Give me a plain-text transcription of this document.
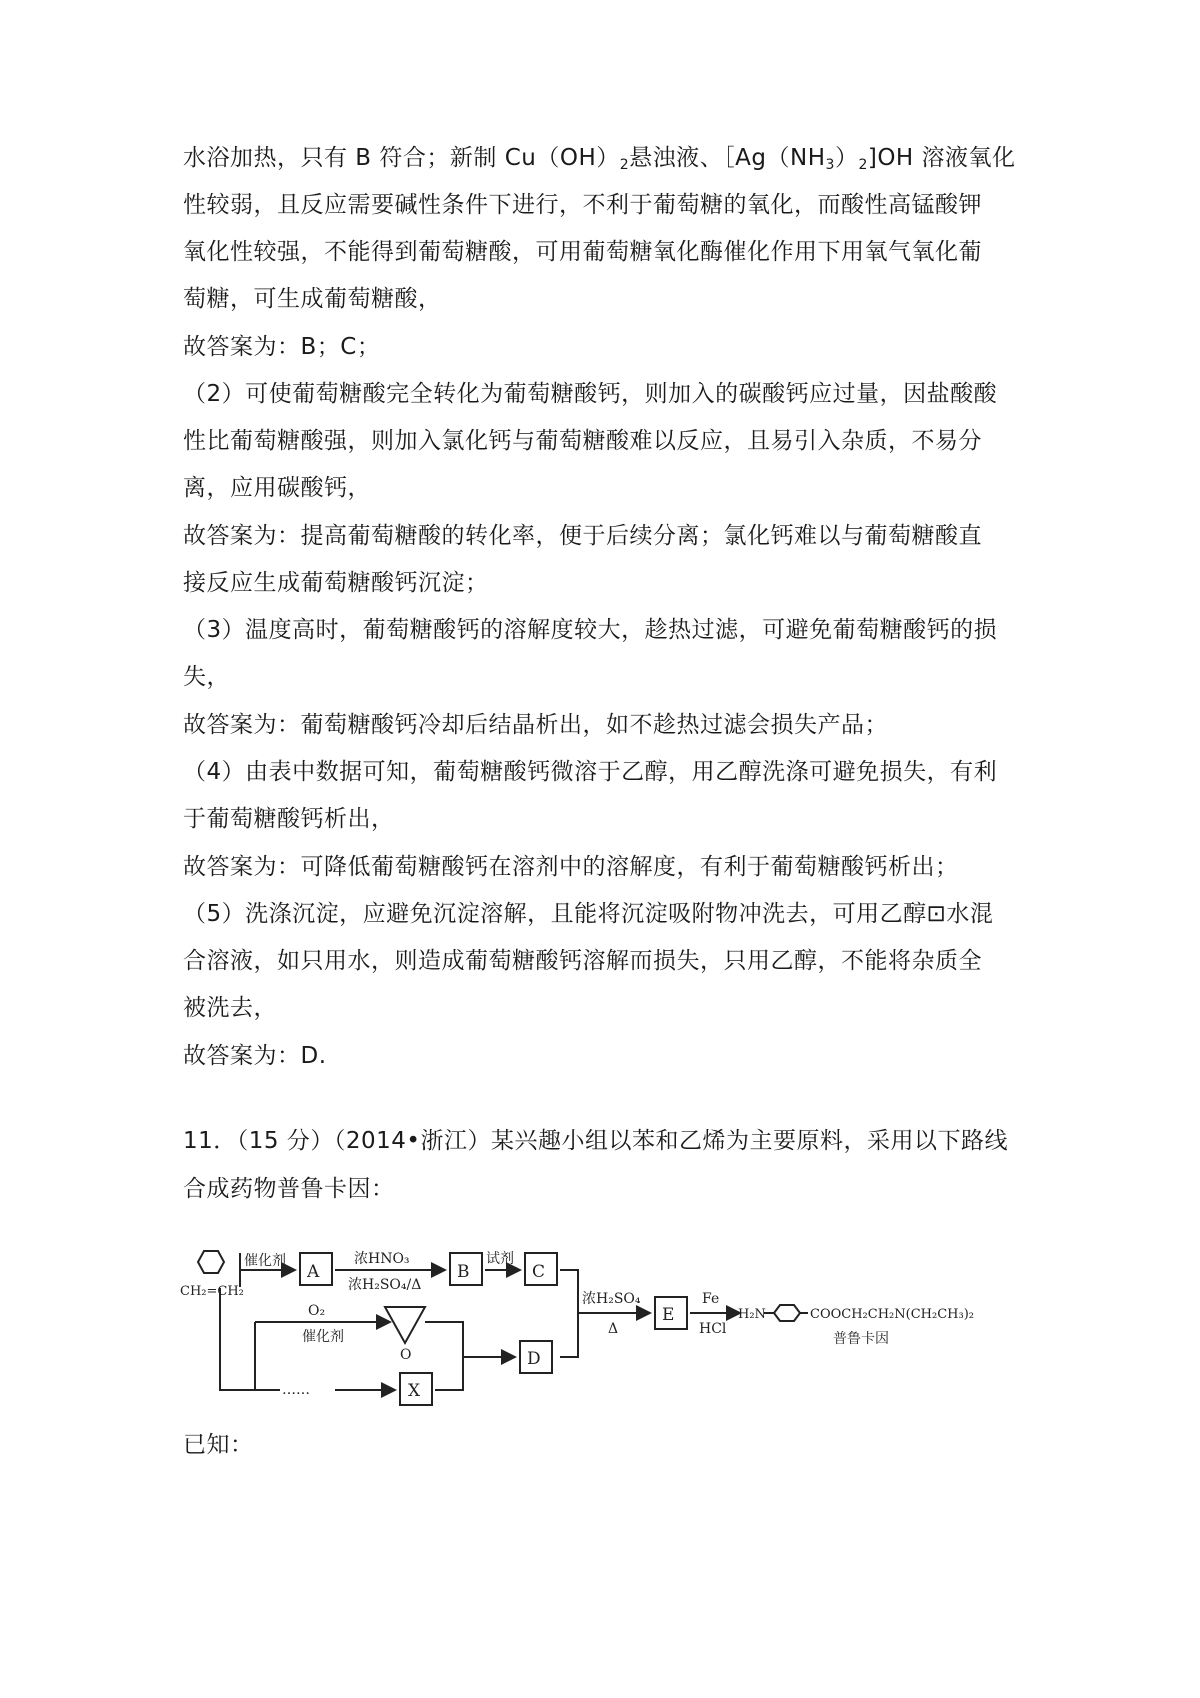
水浴加热，只有 B 符合；新制 $Cu(OH)_2$悬浊液、$[Ag(NH_3)_2]OH$ 溶液氧化

性较弱，且反应需要碱性条件下进行，不利于葡萄糖的氧化，而酸性高锰酸钾

氧化性较强，不能得到葡萄糖酸，可用葡萄糖氧化酶催化作用下用氧气氧化葡

萄糖，可生成葡萄糖酸，

故答案为：B；C；

（2）可使葡萄糖酸完全转化为葡萄糖酸钙，则加入的碳酸钙应过量，因盐酸酸

性比葡萄糖酸强，则加入氯化钙与葡萄糖酸难以反应，且易引入杂质，不易分

离，应用碳酸钙，

故答案为：提高葡萄糖酸的转化率，便于后续分离；氯化钙难以与葡萄糖酸直

接反应生成葡萄糖酸钙沉淀；

（3）温度高时，葡萄糖酸钙的溶解度较大，趁热过滤，可避免葡萄糖酸钙的损

失，

故答案为：葡萄糖酸钙冷却后结晶析出，如不趁热过滤会损失产品；

（4）由表中数据可知，葡萄糖酸钙微溶于乙醇，用乙醇洗涤可避免损失，有利

于葡萄糖酸钙析出，

故答案为：可降低葡萄糖酸钙在溶剂中的溶解度，有利于葡萄糖酸钙析出；

（5）洗涤沉淀，应避免沉淀溶解，且能将沉淀吸附物冲洗去，可用乙醇⊡水混

合溶液，如只用水，则造成葡萄糖酸钙溶解而损失，只用乙醇，不能将杂质全

被洗去，

故答案为：D.

11．（15 分）（2014•浙江）某兴趣小组以苯和乙烯为主要原料，采用以下路线

合成药物普鲁卡因：

催化剂
CH₂=CH₂
A
浓HNO₃
浓H₂SO₄/Δ
B
试剂
C
O₂
催化剂
O	D
浓H₂SO₄
Δ
E
Fe
HCl
H₂N	COOCH₂CH₂N(CH₂CH₃)₂
普鲁卡因
……	X

已知：
